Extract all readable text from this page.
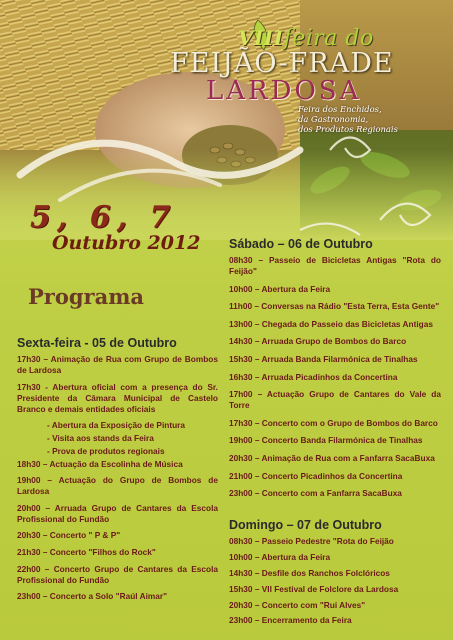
VIIIfeira do
FEIJÃO-FRADE
LARDOSA
Feira dos Enchidos,
da Gastronomia,
dos Produtos Regionais
5, 6, 7
Outubro 2012
Programa
Sábado – 06 de Outubro
08h30 – Passeio de Bicicletas Antigas "Rota do Feijão"
10h00 – Abertura da Feira
11h00 – Conversas na Rádio "Esta Terra, Esta Gente"
13h00 – Chegada do Passeio das Bicicletas Antigas
14h30 – Arruada Grupo de Bombos do Barco
15h30 – Arruada Banda Filarmónica de Tinalhas
16h30 – Arruada Picadinhos da Concertina
17h00 – Actuação Grupo de Cantares do Vale da Torre
17h30 – Concerto com o Grupo de Bombos do Barco
19h00 – Concerto Banda Filarmónica de Tinalhas
20h30 – Animação de Rua com a Fanfarra SacaBuxa
21h00 – Concerto Picadinhos da Concertina
23h00 – Concerto com a Fanfarra SacaBuxa
Sexta-feira - 05 de Outubro
17h30 – Animação de Rua com Grupo de Bombos de Lardosa
17h30 - Abertura oficial com a presença do Sr. Presidente da Câmara Municipal de Castelo Branco e demais entidades oficiais
- Abertura da Exposição de Pintura
- Visita aos stands da Feira
- Prova de produtos regionais
18h30 – Actuação da Escolinha de Música
19h00 – Actuação do Grupo de Bombos de Lardosa
20h00 – Arruada Grupo de Cantares da Escola Profissional do Fundão
20h30 – Concerto " P & P"
21h30 – Concerto "Filhos do Rock"
22h00 – Concerto Grupo de Cantares da Escola Profissional do Fundão
23h00 – Concerto a Solo "Raúl Aimar"
Domingo – 07 de Outubro
08h30 – Passeio Pedestre "Rota do Feijão
10h00 – Abertura da Feira
14h30 – Desfile dos Ranchos Folclóricos
15h30 – VII Festival de Folclore da Lardosa
20h30 – Concerto com "Rui Alves"
23h00 – Encerramento da Feira
